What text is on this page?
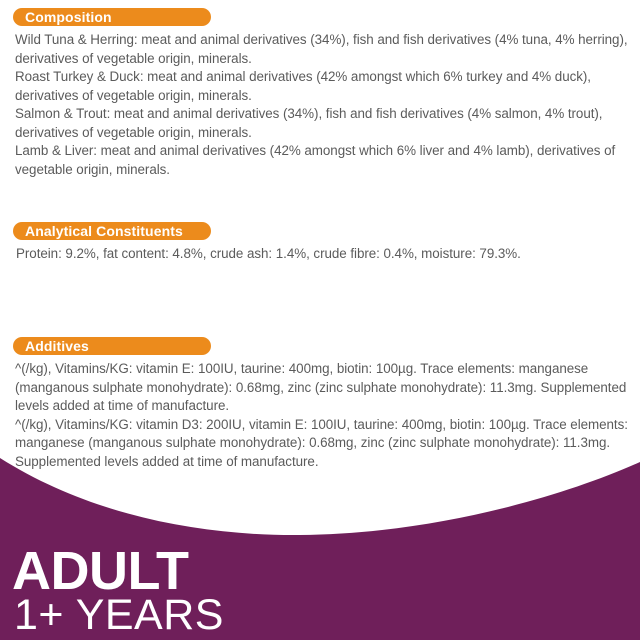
Composition

Wild Tuna & Herring: meat and animal derivatives (34%), fish and fish derivatives (4% tuna, 4% herring), derivatives of vegetable origin, minerals.

Roast Turkey & Duck: meat and animal derivatives (42% amongst which 6% turkey and 4% duck), derivatives of vegetable origin, minerals.

Salmon & Trout: meat and animal derivatives (34%), fish and fish derivatives (4% salmon, 4% trout), derivatives of vegetable origin, minerals.

Lamb & Liver: meat and animal derivatives (42% amongst which 6% liver and 4% lamb), derivatives of vegetable origin, minerals.

Analytical Constituents

Protein: 9.2%, fat content: 4.8%, crude ash: 1.4%, crude fibre: 0.4%, moisture: 79.3%.

Additives

^(/kg), Vitamins/KG: vitamin E: 100IU, taurine: 400mg, biotin: 100µg. Trace elements: manganese (manganous sulphate monohydrate): 0.68mg, zinc (zinc sulphate monohydrate): 11.3mg. Supplemented levels added at time of manufacture.

^(/kg), Vitamins/KG: vitamin D3: 200IU, vitamin E: 100IU, taurine: 400mg, biotin: 100µg. Trace elements: manganese (manganous sulphate monohydrate): 0.68mg, zinc (zinc sulphate monohydrate): 11.3mg. Supplemented levels added at time of manufacture.

ADULT
1+ YEARS
